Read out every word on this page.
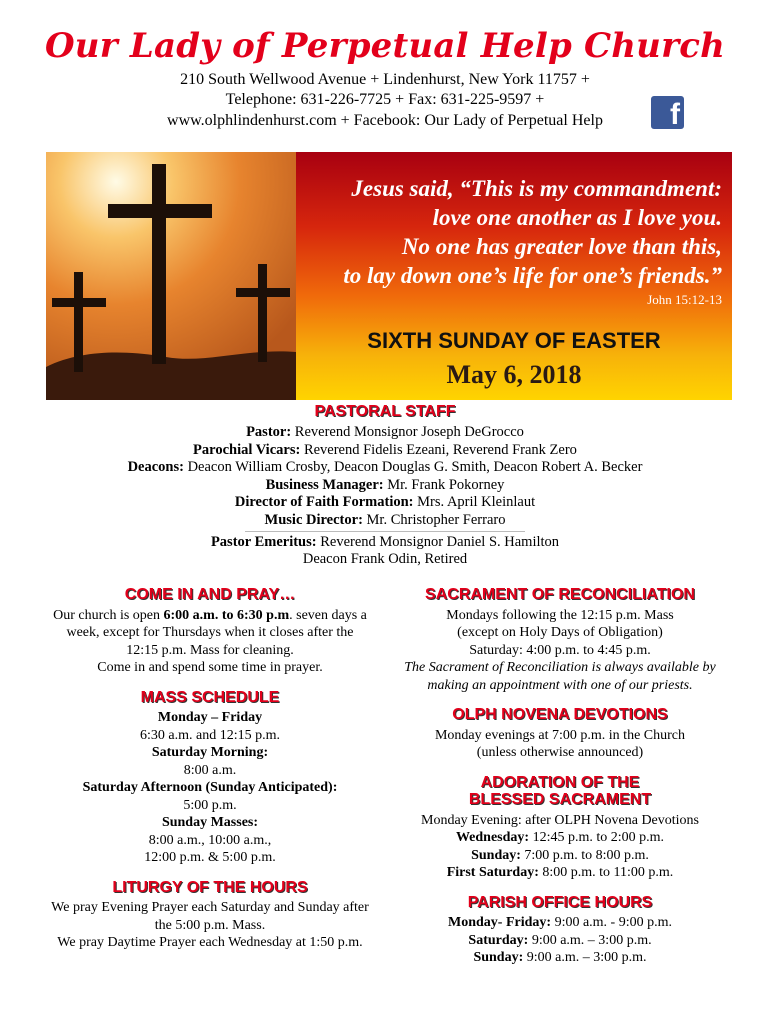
Our Lady of Perpetual Help Church
210 South Wellwood Avenue + Lindenhurst, New York 11757 +
Telephone: 631-226-7725 + Fax: 631-225-9597 +
www.olphlindenhurst.com + Facebook: Our Lady of Perpetual Help	f
Jesus said, “This is my commandment:
love one another as I love you.
No one has greater love than this,
to lay down one’s life for one’s friends.”
John 15:12-13
SIXTH SUNDAY OF EASTER
May 6, 2018
PASTORAL STAFF
Pastor: Reverend Monsignor Joseph DeGrocco
Parochial Vicars: Reverend Fidelis Ezeani, Reverend Frank Zero
Deacons: Deacon William Crosby, Deacon Douglas G. Smith, Deacon Robert A. Becker
Business Manager: Mr. Frank Pokorney
Director of Faith Formation: Mrs. April Kleinlaut
Music Director: Mr. Christopher Ferraro
Pastor Emeritus: Reverend Monsignor Daniel S. Hamilton
Deacon Frank Odin, Retired
COME IN AND PRAY…

Our church is open 6:00 a.m. to 6:30 p.m. seven days a week, except for Thursdays when it closes after the 12:15 p.m. Mass for cleaning.

Come in and spend some time in prayer.

MASS SCHEDULE

Monday – Friday

6:30 a.m. and 12:15 p.m.

Saturday Morning:

8:00 a.m.

Saturday Afternoon (Sunday Anticipated):

5:00 p.m.

Sunday Masses:

8:00 a.m., 10:00 a.m.,

12:00 p.m. & 5:00 p.m.

LITURGY OF THE HOURS

We pray Evening Prayer each Saturday and Sunday after the 5:00 p.m. Mass.

We pray Daytime Prayer each Wednesday at 1:50 p.m.

SACRAMENT OF RECONCILIATION

Mondays following the 12:15 p.m. Mass

(except on Holy Days of Obligation)

Saturday: 4:00 p.m. to 4:45 p.m.

The Sacrament of Reconciliation is always available by making an appointment with one of our priests.

OLPH NOVENA DEVOTIONS

Monday evenings at 7:00 p.m. in the Church

(unless otherwise announced)

ADORATION OF THE
BLESSED SACRAMENT

Monday Evening: after OLPH Novena Devotions

Wednesday: 12:45 p.m. to 2:00 p.m.

Sunday: 7:00 p.m. to 8:00 p.m.

First Saturday: 8:00 p.m. to 11:00 p.m.

PARISH OFFICE HOURS

Monday- Friday: 9:00 a.m. - 9:00 p.m.

Saturday: 9:00 a.m. – 3:00 p.m.

Sunday: 9:00 a.m. – 3:00 p.m.
